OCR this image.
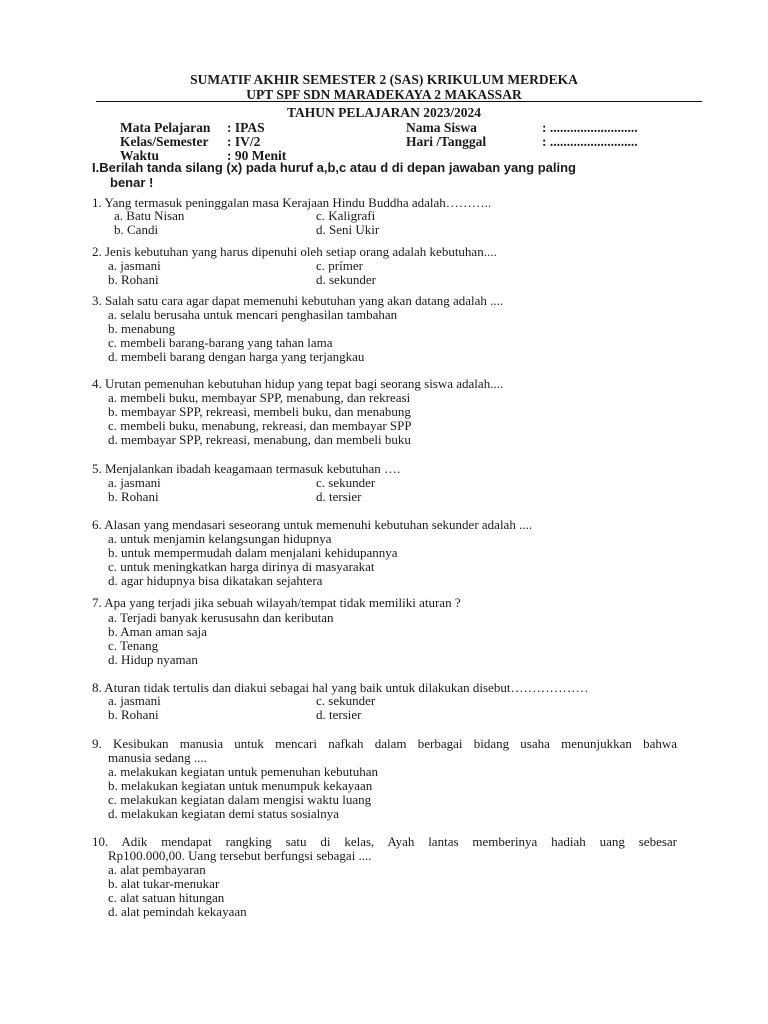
SUMATIF AKHIR SEMESTER 2 (SAS) KRIKULUM MERDEKA
UPT SPF SDN MARADEKAYA 2 MAKASSAR
TAHUN PELAJARAN 2023/2024
Mata Pelajaran : IPAS
Kelas/Semester : IV/2
Waktu	: 90 Menit
Nama Siswa	: ..........................
Hari /Tanggal	: ..........................
I.Berilah tanda silang (x) pada huruf a,b,c atau d di depan jawaban yang paling
benar !
1. Yang termasuk peninggalan masa Kerajaan Hindu Buddha adalah………..
a. Batu Nisan
b. Candi
c. Kaligrafi
d. Seni Ukir
2. Jenis kebutuhan yang harus dipenuhi oleh setiap orang adalah kebutuhan....
a. jasmani
b. Rohani
c. prímer
d. sekunder
3. Salah satu cara agar dapat memenuhi kebutuhan yang akan datang adalah ....
a. selalu berusaha untuk mencari penghasilan tambahan
b. menabung
c. membeli barang-barang yang tahan lama
d. membeli barang dengan harga yang terjangkau
4. Urutan pemenuhan kebutuhan hidup yang tepat bagi seorang siswa adalah....
a. membeli buku, membayar SPP, menabung, dan rekreasi
b. membayar SPP, rekreasi, membeli buku, dan menabung
c. membeli buku, menabung, rekreasi, dan membayar SPP
d. membayar SPP, rekreasi, menabung, dan membeli buku
5. Menjalankan ibadah keagamaan termasuk kebutuhan ….
a. jasmani
b. Rohani
c. sekunder
d. tersier
6. Alasan yang mendasari seseorang untuk memenuhi kebutuhan sekunder adalah ....
a. untuk menjamin kelangsungan hidupnya
b. untuk mempermudah dalam menjalani kehidupannya
c. untuk meningkatkan harga dirinya di masyarakat
d. agar hidupnya bisa dikatakan sejahtera
7. Apa yang terjadi jika sebuah wilayah/tempat tidak memiliki aturan ?
a. Terjadi banyak kerususahn dan keributan
b. Aman aman saja
c. Tenang
d. Hidup nyaman
8. Aturan tidak tertulis dan diakui sebagai hal yang baik untuk dilakukan disebut………………
a. jasmani
b. Rohani
c. sekunder
d. tersier
9. Kesibukan manusia untuk mencari nafkah dalam berbagai bidang usaha menunjukkan bahwa
manusia sedang ....
a. melakukan kegiatan untuk pemenuhan kebutuhan
b. melakukan kegiatan untuk menumpuk kekayaan
c. melakukan kegiatan dalam mengisi waktu luang
d. melakukan kegiatan demi status sosialnya
10. Adik mendapat rangking satu di kelas, Ayah lantas memberinya hadiah uang sebesar
Rp100.000,00. Uang tersebut berfungsi sebagai ....
a. alat pembayaran
b. alat tukar-menukar
c. alat satuan hitungan
d. alat pemindah kekayaan
